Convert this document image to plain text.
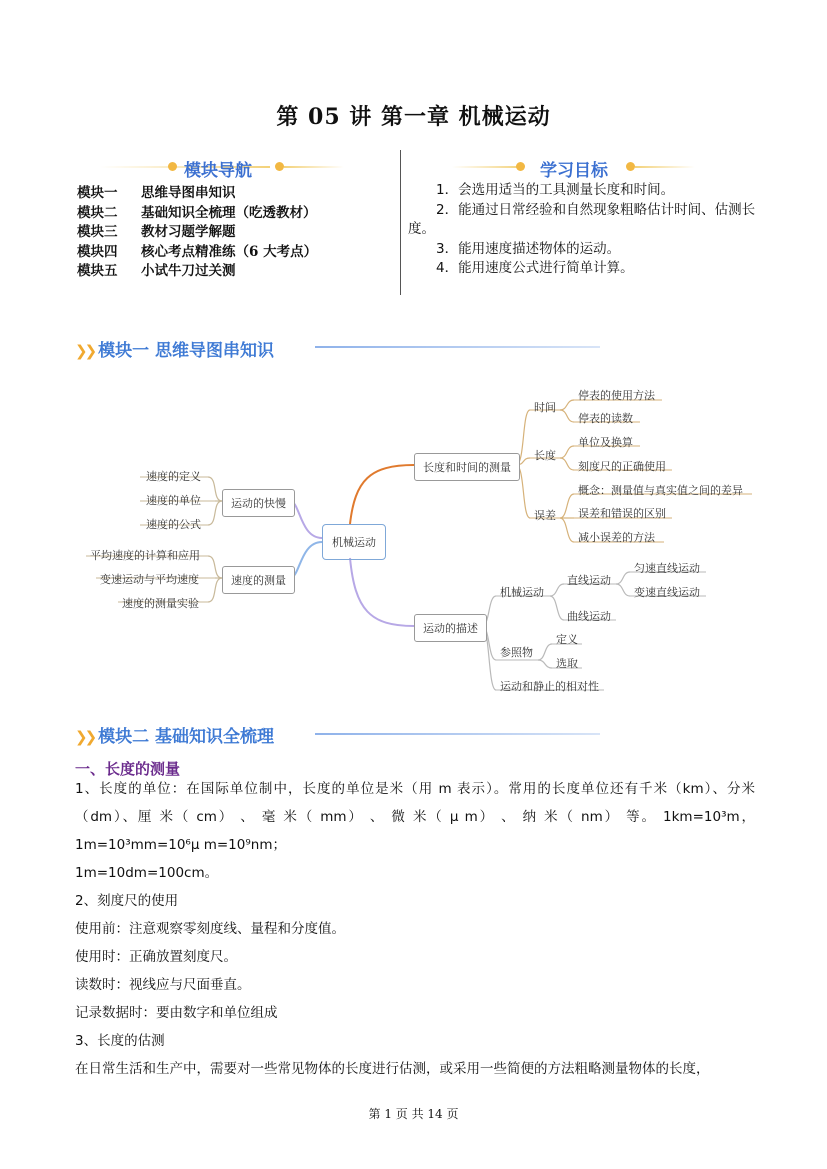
第 05 讲 第一章 机械运动
模块导航
模块一 思维导图串知识
模块二 基础知识全梳理（吃透教材）
模块三 教材习题学解题
模块四 核心考点精准练（6 大考点）
模块五 小试牛刀过关测
学习目标

1．会选用适当的工具测量长度和时间。

2．能通过日常经验和自然现象粗略估计时间、估测长度。

3．能用速度描述物体的运动。

4．能用速度公式进行简单计算。

❯❯ 模块一 思维导图串知识
机械运动
运动的快慢
速度的定义
速度的单位
速度的公式
速度的测量
平均速度的计算和应用
变速运动与平均速度
速度的测量实验
长度和时间的测量
时间
停表的使用方法
停表的读数
长度
单位及换算
刻度尺的正确使用
误差
概念：测量值与真实值之间的差异
误差和错误的区别
减小误差的方法
运动的描述
机械运动
直线运动
匀速直线运动
变速直线运动
曲线运动
参照物
定义
选取
运动和静止的相对性
❯❯ 模块二 基础知识全梳理
一、长度的测量
1、长度的单位：在国际单位制中，长度的单位是米（用 m 表示）。常用的长度单位还有千米（km）、分米（dm）、厘 米（ cm） 、 毫 米（ mm） 、 微 米（ μ m） 、 纳 米（ nm） 等。 1km=10³m，1m=10³mm=10⁶μ m=10⁹nm；
1m=10dm=100cm。
2、刻度尺的使用
使用前：注意观察零刻度线、量程和分度值。
使用时：正确放置刻度尺。
读数时：视线应与尺面垂直。
记录数据时：要由数字和单位组成
3、长度的估测
在日常生活和生产中，需要对一些常见物体的长度进行估测，或采用一些简便的方法粗略测量物体的长度，
第 1 页 共 14 页
